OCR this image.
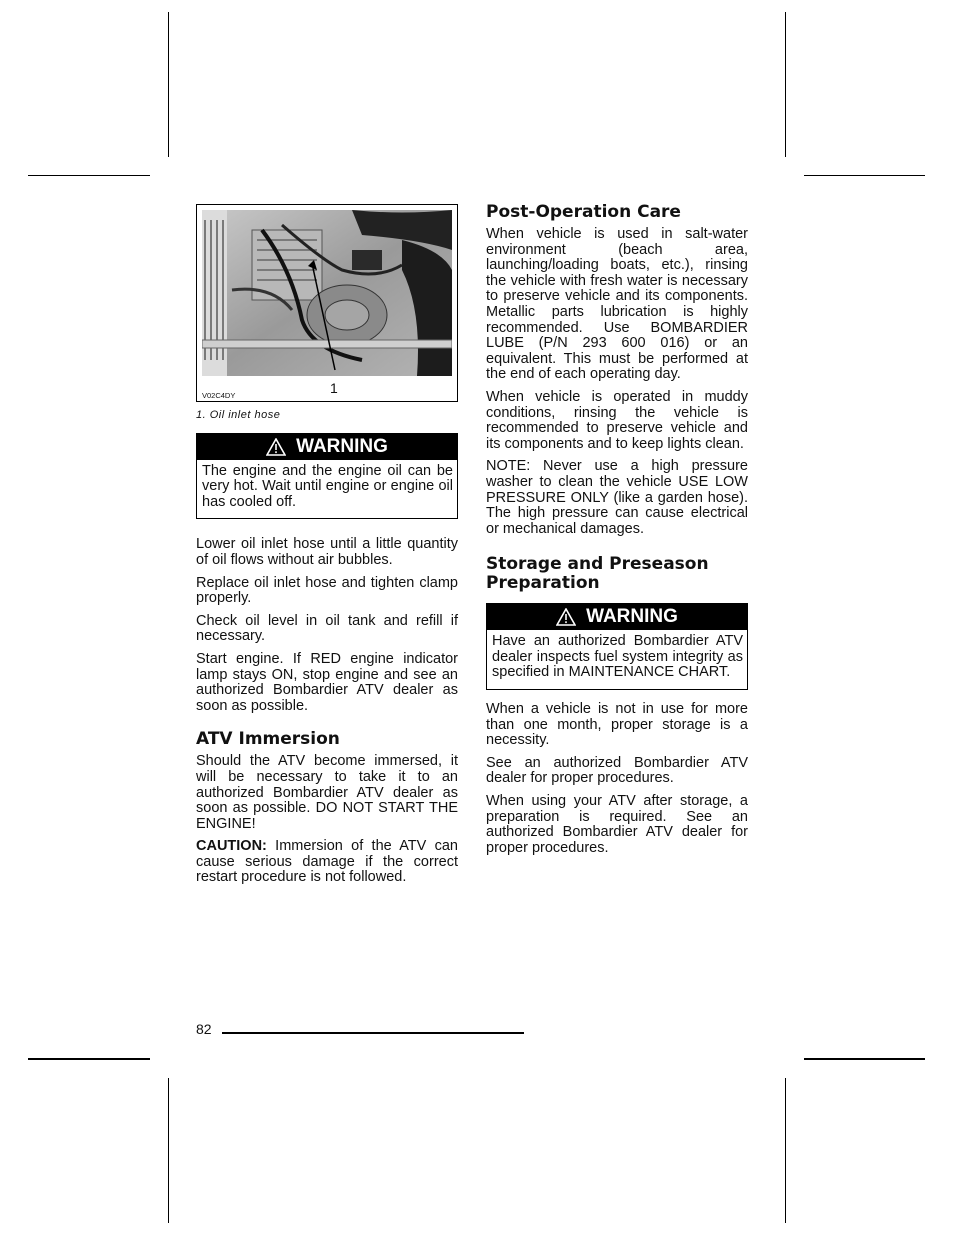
V02C4DY	1
1. Oil inlet hose
WARNING
The engine and the engine oil can be very hot. Wait until engine or engine oil has cooled off.

Lower oil inlet hose until a little quantity of oil flows without air bubbles.

Replace oil inlet hose and tighten clamp properly.

Check oil level in oil tank and refill if necessary.

Start engine. If RED engine indicator lamp stays ON, stop engine and see an authorized Bombardier ATV dealer as soon as possible.

ATV Immersion

Should the ATV become immersed, it will be necessary to take it to an authorized Bombardier ATV dealer as soon as possible. DO NOT START THE ENGINE!

CAUTION: Immersion of the ATV can cause serious damage if the correct restart procedure is not followed.

Post-Operation Care

When vehicle is used in salt-water environment (beach area, launching/loading boats, etc.), rinsing the vehicle with fresh water is necessary to preserve vehicle and its components. Metallic parts lubrication is highly recommended. Use BOMBARDIER LUBE (P/N 293 600 016) or an equivalent. This must be performed at the end of each operating day.

When vehicle is operated in muddy conditions, rinsing the vehicle is recommended to preserve vehicle and its components and to keep lights clean.

NOTE: Never use a high pressure washer to clean the vehicle USE LOW PRESSURE ONLY (like a garden hose). The high pressure can cause electrical or mechanical damages.

Storage and Preseason Preparation
WARNING
Have an authorized Bombardier ATV dealer inspects fuel system integrity as specified in MAINTENANCE CHART.

When a vehicle is not in use for more than one month, proper storage is a necessity.

See an authorized Bombardier ATV dealer for proper procedures.

When using your ATV after storage, a preparation is required. See an authorized Bombardier ATV dealer for proper procedures.

82
